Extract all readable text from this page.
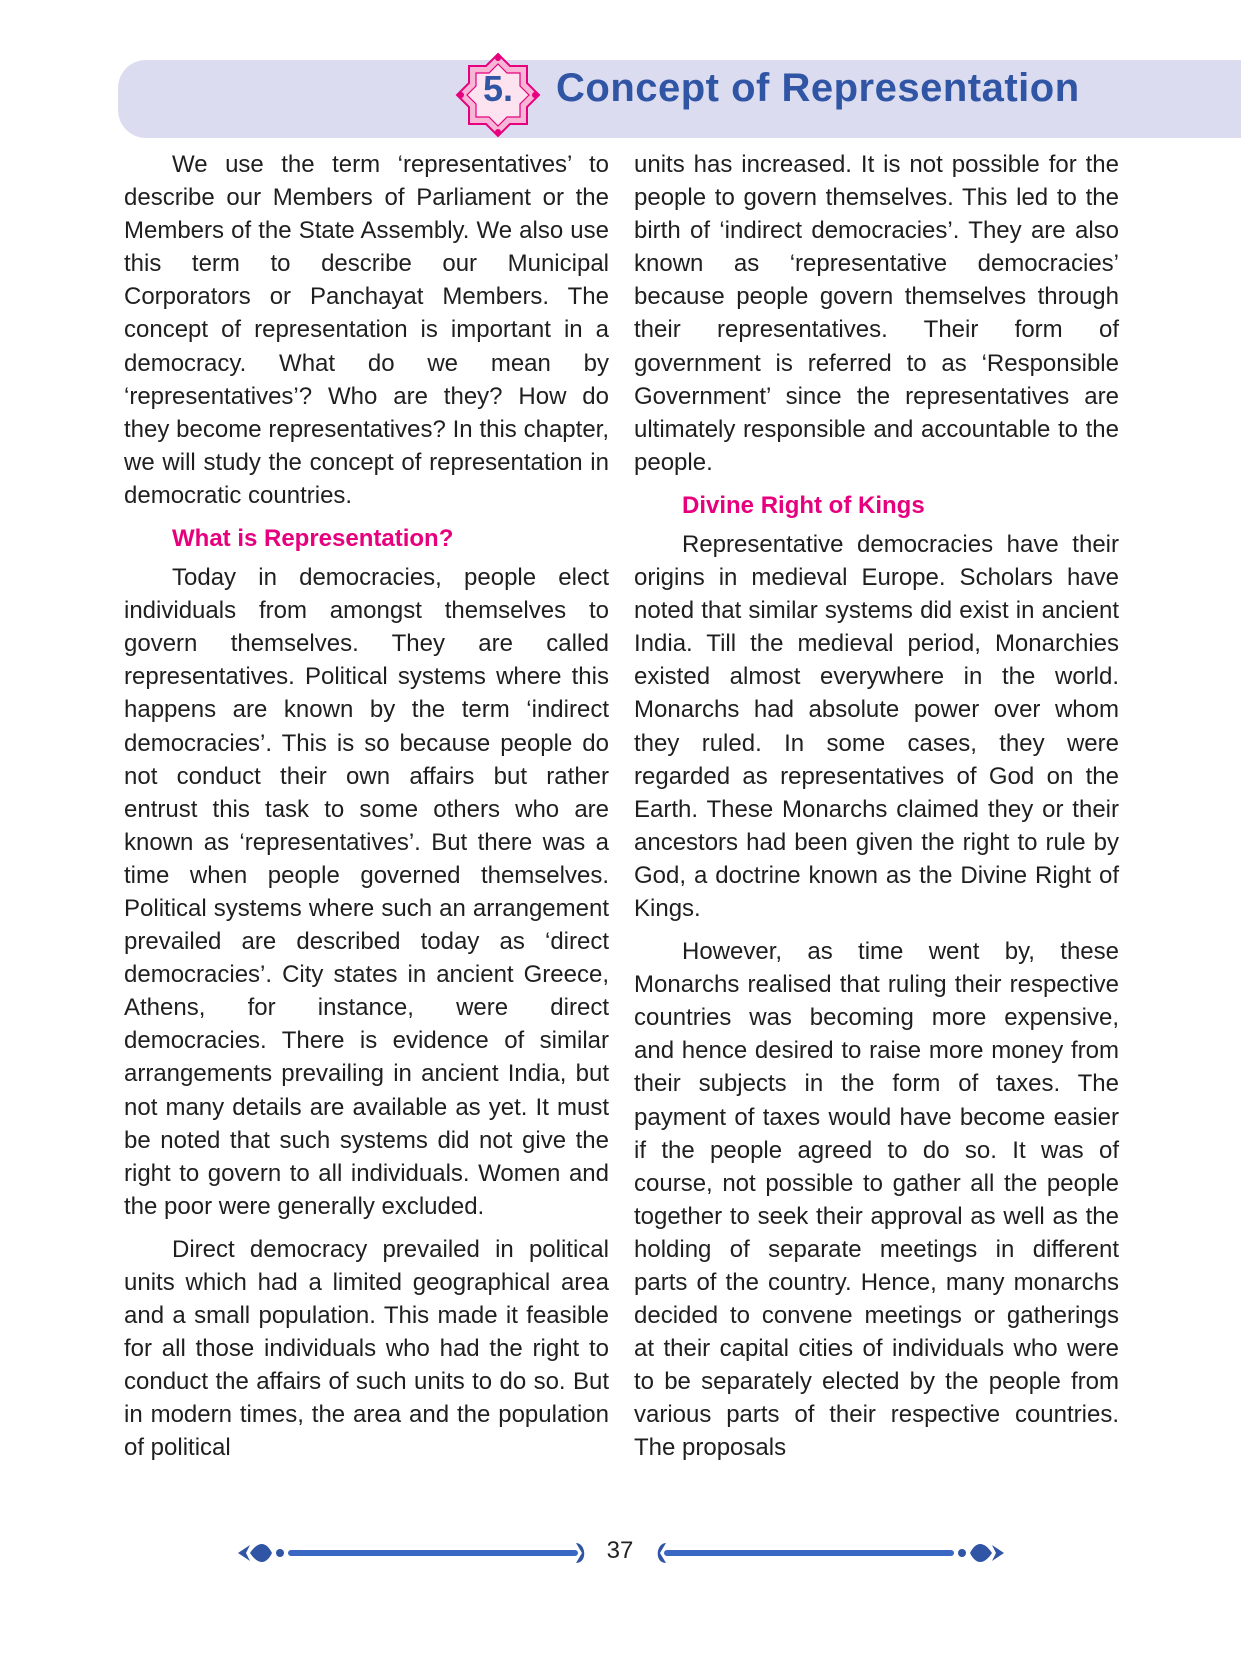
5.	Concept of Representation

We use the term ‘representatives’ to describe our Members of Parliament or the Members of the State Assembly. We also use this term to describe our Municipal Corporators or Panchayat Members. The concept of representation is important in a democracy. What do we mean by ‘representatives’? Who are they? How do they become representatives? In this chapter, we will study the concept of representation in democratic countries.

What is Representation?

Today in democracies, people elect individuals from amongst themselves to govern themselves. They are called representatives. Political systems where this happens are known by the term ‘indirect democracies’. This is so because people do not conduct their own affairs but rather entrust this task to some others who are known as ‘representatives’. But there was a time when people governed themselves. Political systems where such an arrangement prevailed are described today as ‘direct democracies’. City states in ancient Greece, Athens, for instance, were direct democracies. There is evidence of similar arrangements prevailing in ancient India, but not many details are available as yet. It must be noted that such systems did not give the right to govern to all individuals. Women and the poor were generally excluded.

Direct democracy prevailed in political units which had a limited geographical area and a small population. This made it feasible for all those individuals who had the right to conduct the affairs of such units to do so. But in modern times, the area and the population of political

units has increased. It is not possible for the people to govern themselves. This led to the birth of ‘indirect democracies’. They are also known as ‘representative democracies’ because people govern themselves through their representatives. Their form of government is referred to as ‘Responsible Government’ since the representatives are ultimately responsible and accountable to the people.

Divine Right of Kings

Representative democracies have their origins in medieval Europe. Scholars have noted that similar systems did exist in ancient India. Till the medieval period, Monarchies existed almost everywhere in the world. Monarchs had absolute power over whom they ruled. In some cases, they were regarded as representatives of God on the Earth. These Monarchs claimed they or their ancestors had been given the right to rule by God, a doctrine known as the Divine Right of Kings.

However, as time went by, these Monarchs realised that ruling their respective countries was becoming more expensive, and hence desired to raise more money from their subjects in the form of taxes. The payment of taxes would have become easier if the people agreed to do so. It was of course, not possible to gather all the people together to seek their approval as well as the holding of separate meetings in different parts of the country. Hence, many monarchs decided to convene meetings or gatherings at their capital cities of individuals who were to be separately elected by the people from various parts of their respective countries. The proposals

37
